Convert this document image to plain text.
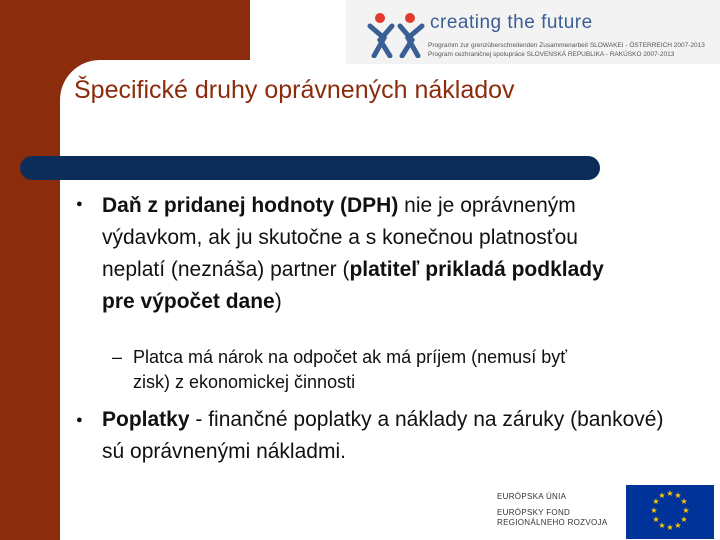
creating the future
Programm zur grenzüberschreitenden Zusammenarbeit SLOWAKEI - ÖSTERREICH 2007-2013
Program cezhraničnej spolupráce SLOVENSKÁ REPUBLIKA - RAKÚSKO 2007-2013
Špecifické druhy oprávnených nákladov
● Daň z pridanej hodnoty (DPH) nie je oprávneným výdavkom, ak ju skutočne a s konečnou platnosťou neplatí (neznáša) partner (platiteľ prikladá podklady pre výpočet dane)
– Platca má nárok na odpočet ak má príjem (nemusí byť zisk) z ekonomickej činnosti
● Poplatky - finančné poplatky a náklady na záruky (bankové) sú oprávnenými nákladmi.
EURÓPSKA ÚNIA
EURÓPSKY FOND
REGIONÁLNEHO ROZVOJA
★ ★
★
★
★
★
★
★
★
★
★
★
